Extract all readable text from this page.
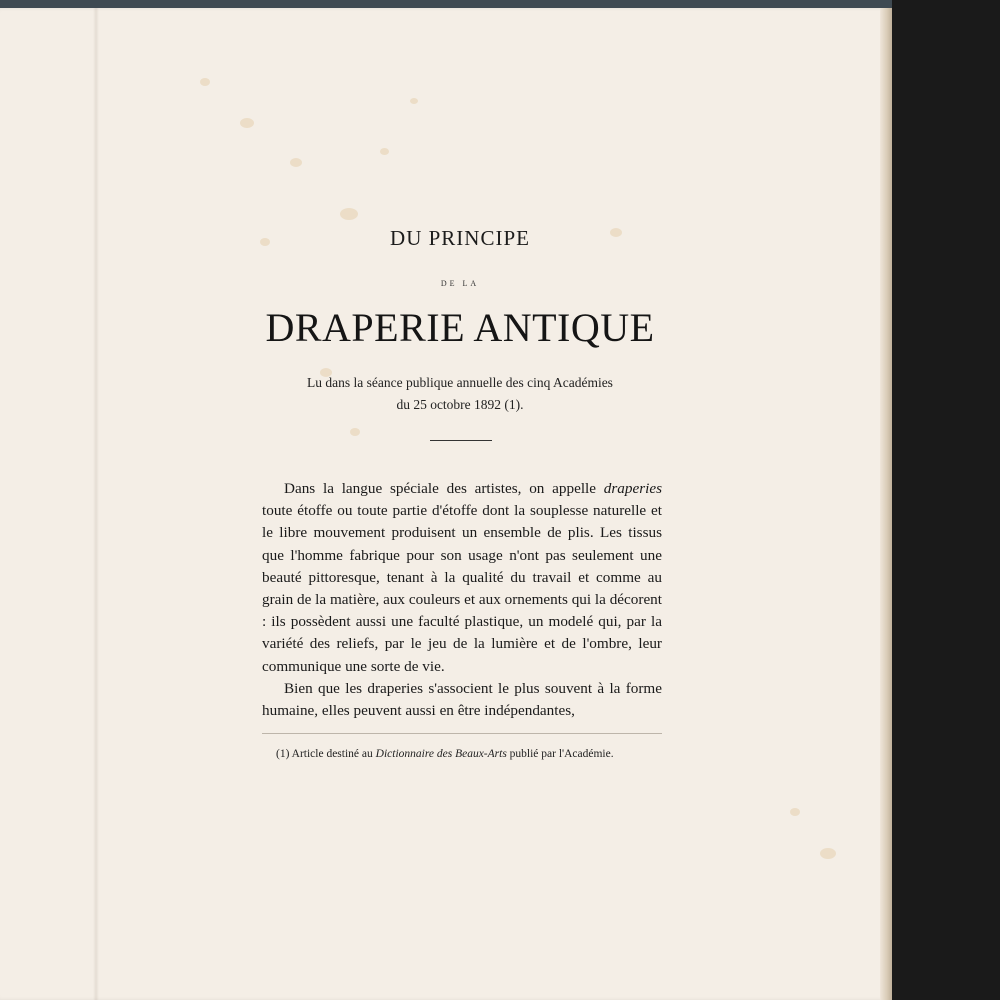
DU PRINCIPE
DE LA
DRAPERIE ANTIQUE
Lu dans la séance publique annuelle des cinq Académies
du 25 octobre 1892 (1).

Dans la langue spéciale des artistes, on appelle draperies toute étoffe ou toute partie d'étoffe dont la souplesse naturelle et le libre mouvement produisent un ensemble de plis. Les tissus que l'homme fabrique pour son usage n'ont pas seulement une beauté pittoresque, tenant à la qualité du travail et comme au grain de la matière, aux couleurs et aux ornements qui la décorent : ils possèdent aussi une faculté plastique, un modelé qui, par la variété des reliefs, par le jeu de la lumière et de l'ombre, leur communique une sorte de vie.

Bien que les draperies s'associent le plus souvent à la forme humaine, elles peuvent aussi en être indépendantes,

(1) Article destiné au Dictionnaire des Beaux-Arts publié par l'Académie.
